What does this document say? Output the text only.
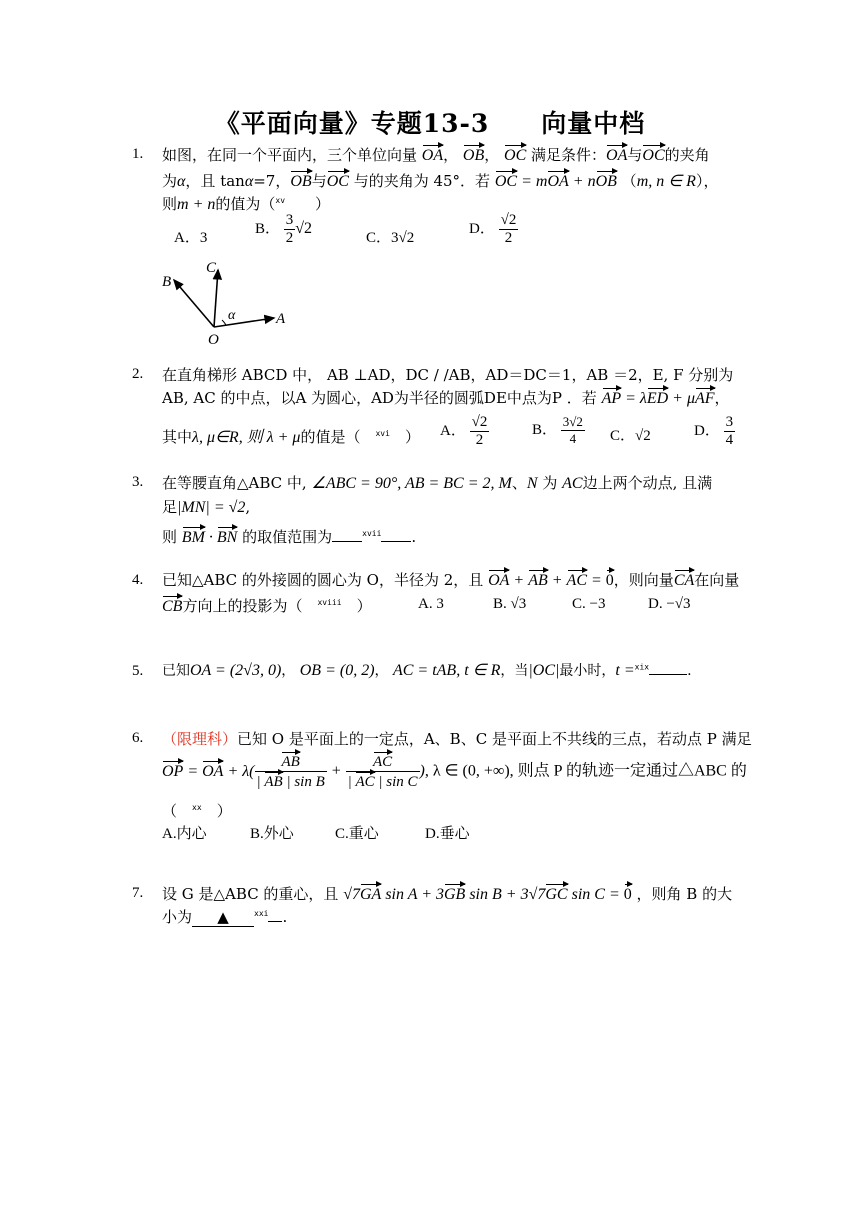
《平面向量》专题13-3　　向量中档
1. 如图，在同一个平面内，三个单位向量 OA， OB， OC 满足条件：OA与OC的夹角
为α，且 tanα=7，OB与OC 与的夹角为 45°．若 OC = mOA + nOB （m, n ∈ R），
则m + n的值为（$^{xv}$　　 ）
A．3
B． $\frac{3}{2} √2$
C．3√2
D． $\frac{√2}{2}$
B
C
A
O
α
2. 在直角梯形 ABCD 中， AB ⊥AD，DC / /AB，AD＝DC＝1，AB ＝2，E, F 分别为
AB, AC 的中点，以A 为圆心，AD为半径的圆弧DE中点为P ．若 AP = λED + μAF，
其中λ, μ∈R, 则 λ + μ的值是（　 $^{xvi}$　 ） A． $\frac{√2}{2}$	B． $\frac{3√2}{4}$ C．√2	D． $\frac{3}{4}$
3. 在等腰直角△ABC 中, ∠ABC = 90°, AB = BC = 2, M、N 为 AC边上两个动点, 且满
足|MN| = √2,
则 BM · BN 的取值范围为	$^{xvii}$ .
4. 已知△ABC 的外接圆的圆心为 O，半径为 2，且 OA + AB + AC = 0，则向量CA在向量
CB方向上的投影为（　 $^{xviii}$　 ）	A. 3	B. √3	C. −3	D. −√3
5. 已知OA = (2√3, 0)， OB = (0, 2)， AC = tAB, t ∈ R，当|OC|最小时，t =$^{xix}$	.
6. （限理科）已知 O 是平面上的一定点，A、B、C 是平面上不共线的三点，若动点 P 满足
OP = OA + $\lambda( \frac{AB}{\text{| AB | sin B}} + \frac{AC}{\text{| AC | sin C}}$ ), λ ∈ (0, +∞), 则点 P 的轨迹一定通过△ABC 的
（　 $^{xx}$　 ）
A.内心	B.外心	C.重心	D.垂心
7. 设 G 是△ABC 的重心，且 √7GA sin A + 3GB sin B + 3√7GC sin C = 0 ，则角 B 的大
小为 ▲	$^{xxi}$ .
